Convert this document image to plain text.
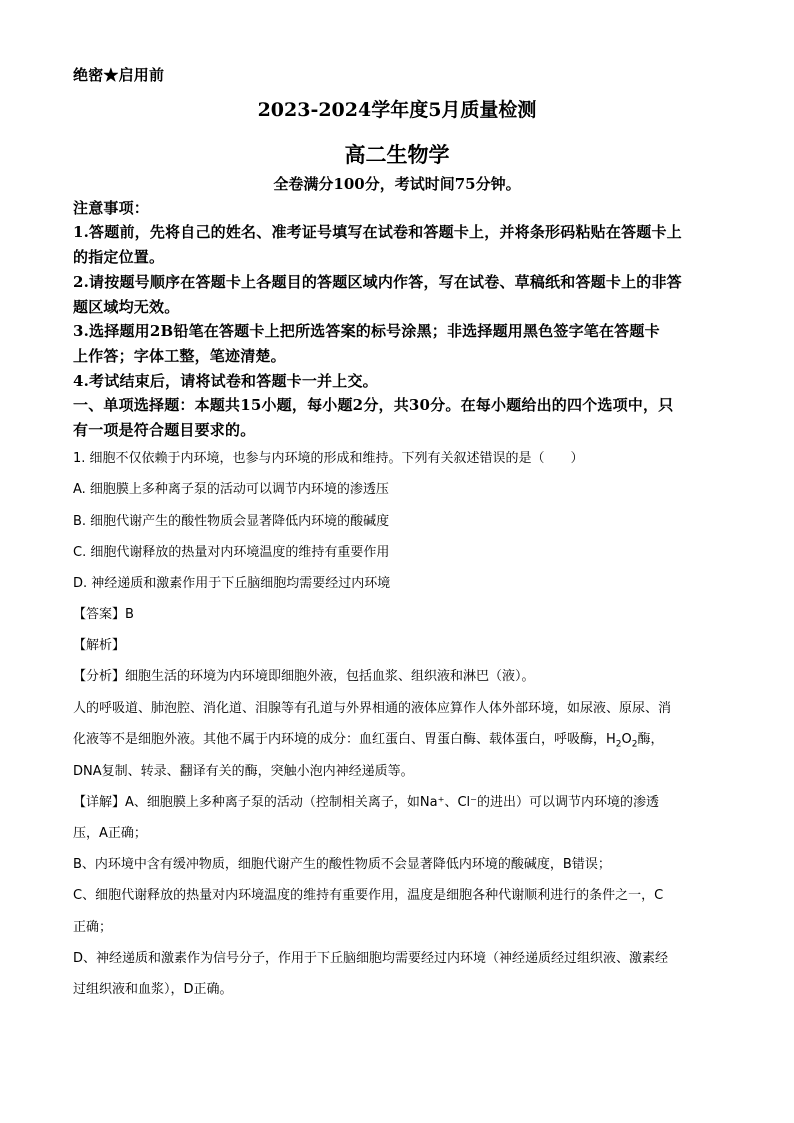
绝密★启用前
2023-2024学年度5月质量检测
高二生物学
全卷满分100分，考试时间75分钟。
注意事项：
1.答题前，先将自己的姓名、准考证号填写在试卷和答题卡上，并将条形码粘贴在答题卡上
的指定位置。
2.请按题号顺序在答题卡上各题目的答题区域内作答，写在试卷、草稿纸和答题卡上的非答
题区域均无效。
3.选择题用2B铅笔在答题卡上把所选答案的标号涂黑；非选择题用黑色签字笔在答题卡
上作答；字体工整，笔迹清楚。
4.考试结束后，请将试卷和答题卡一并上交。
一、单项选择题：本题共15小题，每小题2分，共30分。在每小题给出的四个选项中，只
有一项是符合题目要求的。
1. 细胞不仅依赖于内环境，也参与内环境的形成和维持。下列有关叙述错误的是（　　）
A. 细胞膜上多种离子泵的活动可以调节内环境的渗透压
B. 细胞代谢产生的酸性物质会显著降低内环境的酸碱度
C. 细胞代谢释放的热量对内环境温度的维持有重要作用
D. 神经递质和激素作用于下丘脑细胞均需要经过内环境
【答案】B
【解析】
【分析】细胞生活的环境为内环境即细胞外液，包括血浆、组织液和淋巴（液）。
人的呼吸道、肺泡腔、消化道、泪腺等有孔道与外界相通的液体应算作人体外部环境，如尿液、原尿、消
化液等不是细胞外液。其他不属于内环境的成分：血红蛋白、胃蛋白酶、载体蛋白，呼吸酶，$H_2O_2$酶，
DNA复制、转录、翻译有关的酶，突触小泡内神经递质等。
【详解】A、细胞膜上多种离子泵的活动（控制相关离子，如Na⁺、Cl⁻的进出）可以调节内环境的渗透
压，A正确；
B、内环境中含有缓冲物质，细胞代谢产生的酸性物质不会显著降低内环境的酸碱度，B错误；
C、细胞代谢释放的热量对内环境温度的维持有重要作用，温度是细胞各种代谢顺利进行的条件之一，C
正确；
D、神经递质和激素作为信号分子，作用于下丘脑细胞均需要经过内环境（神经递质经过组织液、激素经
过组织液和血浆），D正确。
